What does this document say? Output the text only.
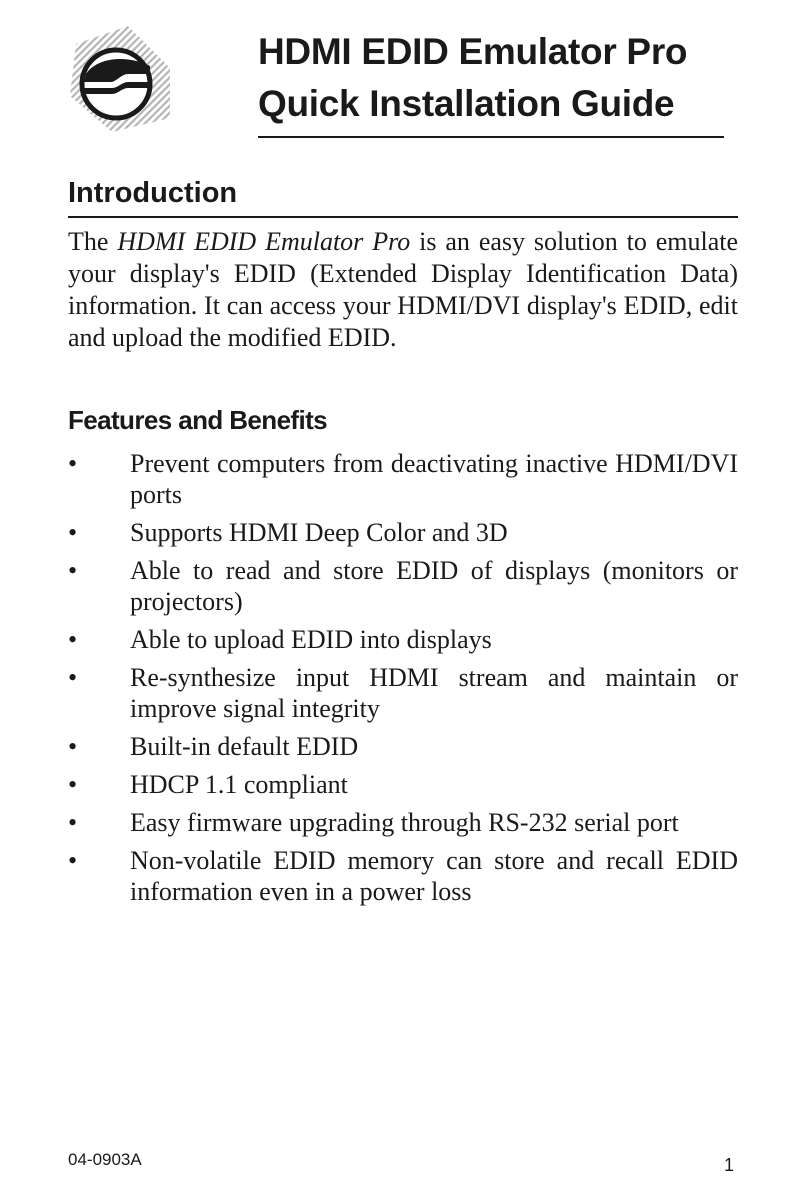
HDMI EDID Emulator Pro
Quick Installation Guide
Introduction

The HDMI EDID Emulator Pro is an easy solution to emulate your display's EDID (Extended Display Identification Data) information. It can access your HDMI/DVI display's EDID, edit and upload the modified EDID.

Features and Benefits
• Prevent computers from deactivating inactive HDMI/DVI ports
• Supports HDMI Deep Color and 3D
• Able to read and store EDID of displays (monitors or projectors)
• Able to upload EDID into displays
• Re-synthesize input HDMI stream and maintain or improve signal integrity
• Built-in default EDID
• HDCP 1.1 compliant
• Easy firmware upgrading through RS-232 serial port
• Non-volatile EDID memory can store and recall EDID information even in a power loss
04-0903A	1
